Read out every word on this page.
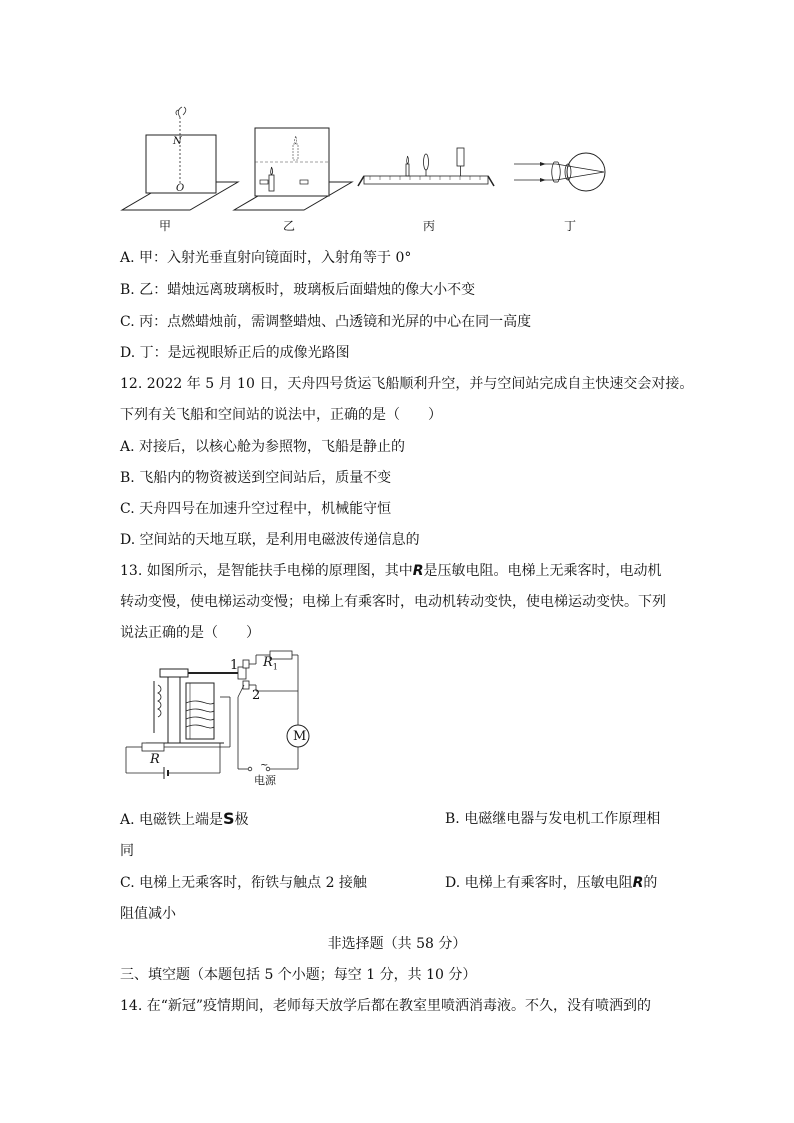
N
O
甲	乙	丙	丁
A. 甲：入射光垂直射向镜面时，入射角等于 0°
B. 乙：蜡烛远离玻璃板时，玻璃板后面蜡烛的像大小不变
C. 丙：点燃蜡烛前，需调整蜡烛、凸透镜和光屏的中心在同一高度
D. 丁：是远视眼矫正后的成像光路图
12. 2022 年 5 月 10 日，天舟四号货运飞船顺利升空，并与空间站完成自主快速交会对接。
下列有关飞船和空间站的说法中，正确的是（　　）
A. 对接后，以核心舱为参照物，飞船是静止的
B. 飞船内的物资被送到空间站后，质量不变
C. 天舟四号在加速升空过程中，机械能守恒
D. 空间站的天地互联，是利用电磁波传递信息的
13. 如图所示，是智能扶手电梯的原理图，其中R是压敏电阻。电梯上无乘客时，电动机
转动变慢，使电梯运动变慢；电梯上有乘客时，电动机转动变快，使电梯运动变快。下列
说法正确的是（　　）
1
2
$R_1$
M
R	~
电源
A. 电磁铁上端是S极	B. 电磁继电器与发电机工作原理相
同
C. 电梯上无乘客时，衔铁与触点 2 接触	D. 电梯上有乘客时，压敏电阻R的
阻值减小
非选择题（共 58 分）
三、填空题（本题包括 5 个小题；每空 1 分，共 10 分）
14. 在“新冠”疫情期间，老师每天放学后都在教室里喷洒消毒液。不久，没有喷洒到的
